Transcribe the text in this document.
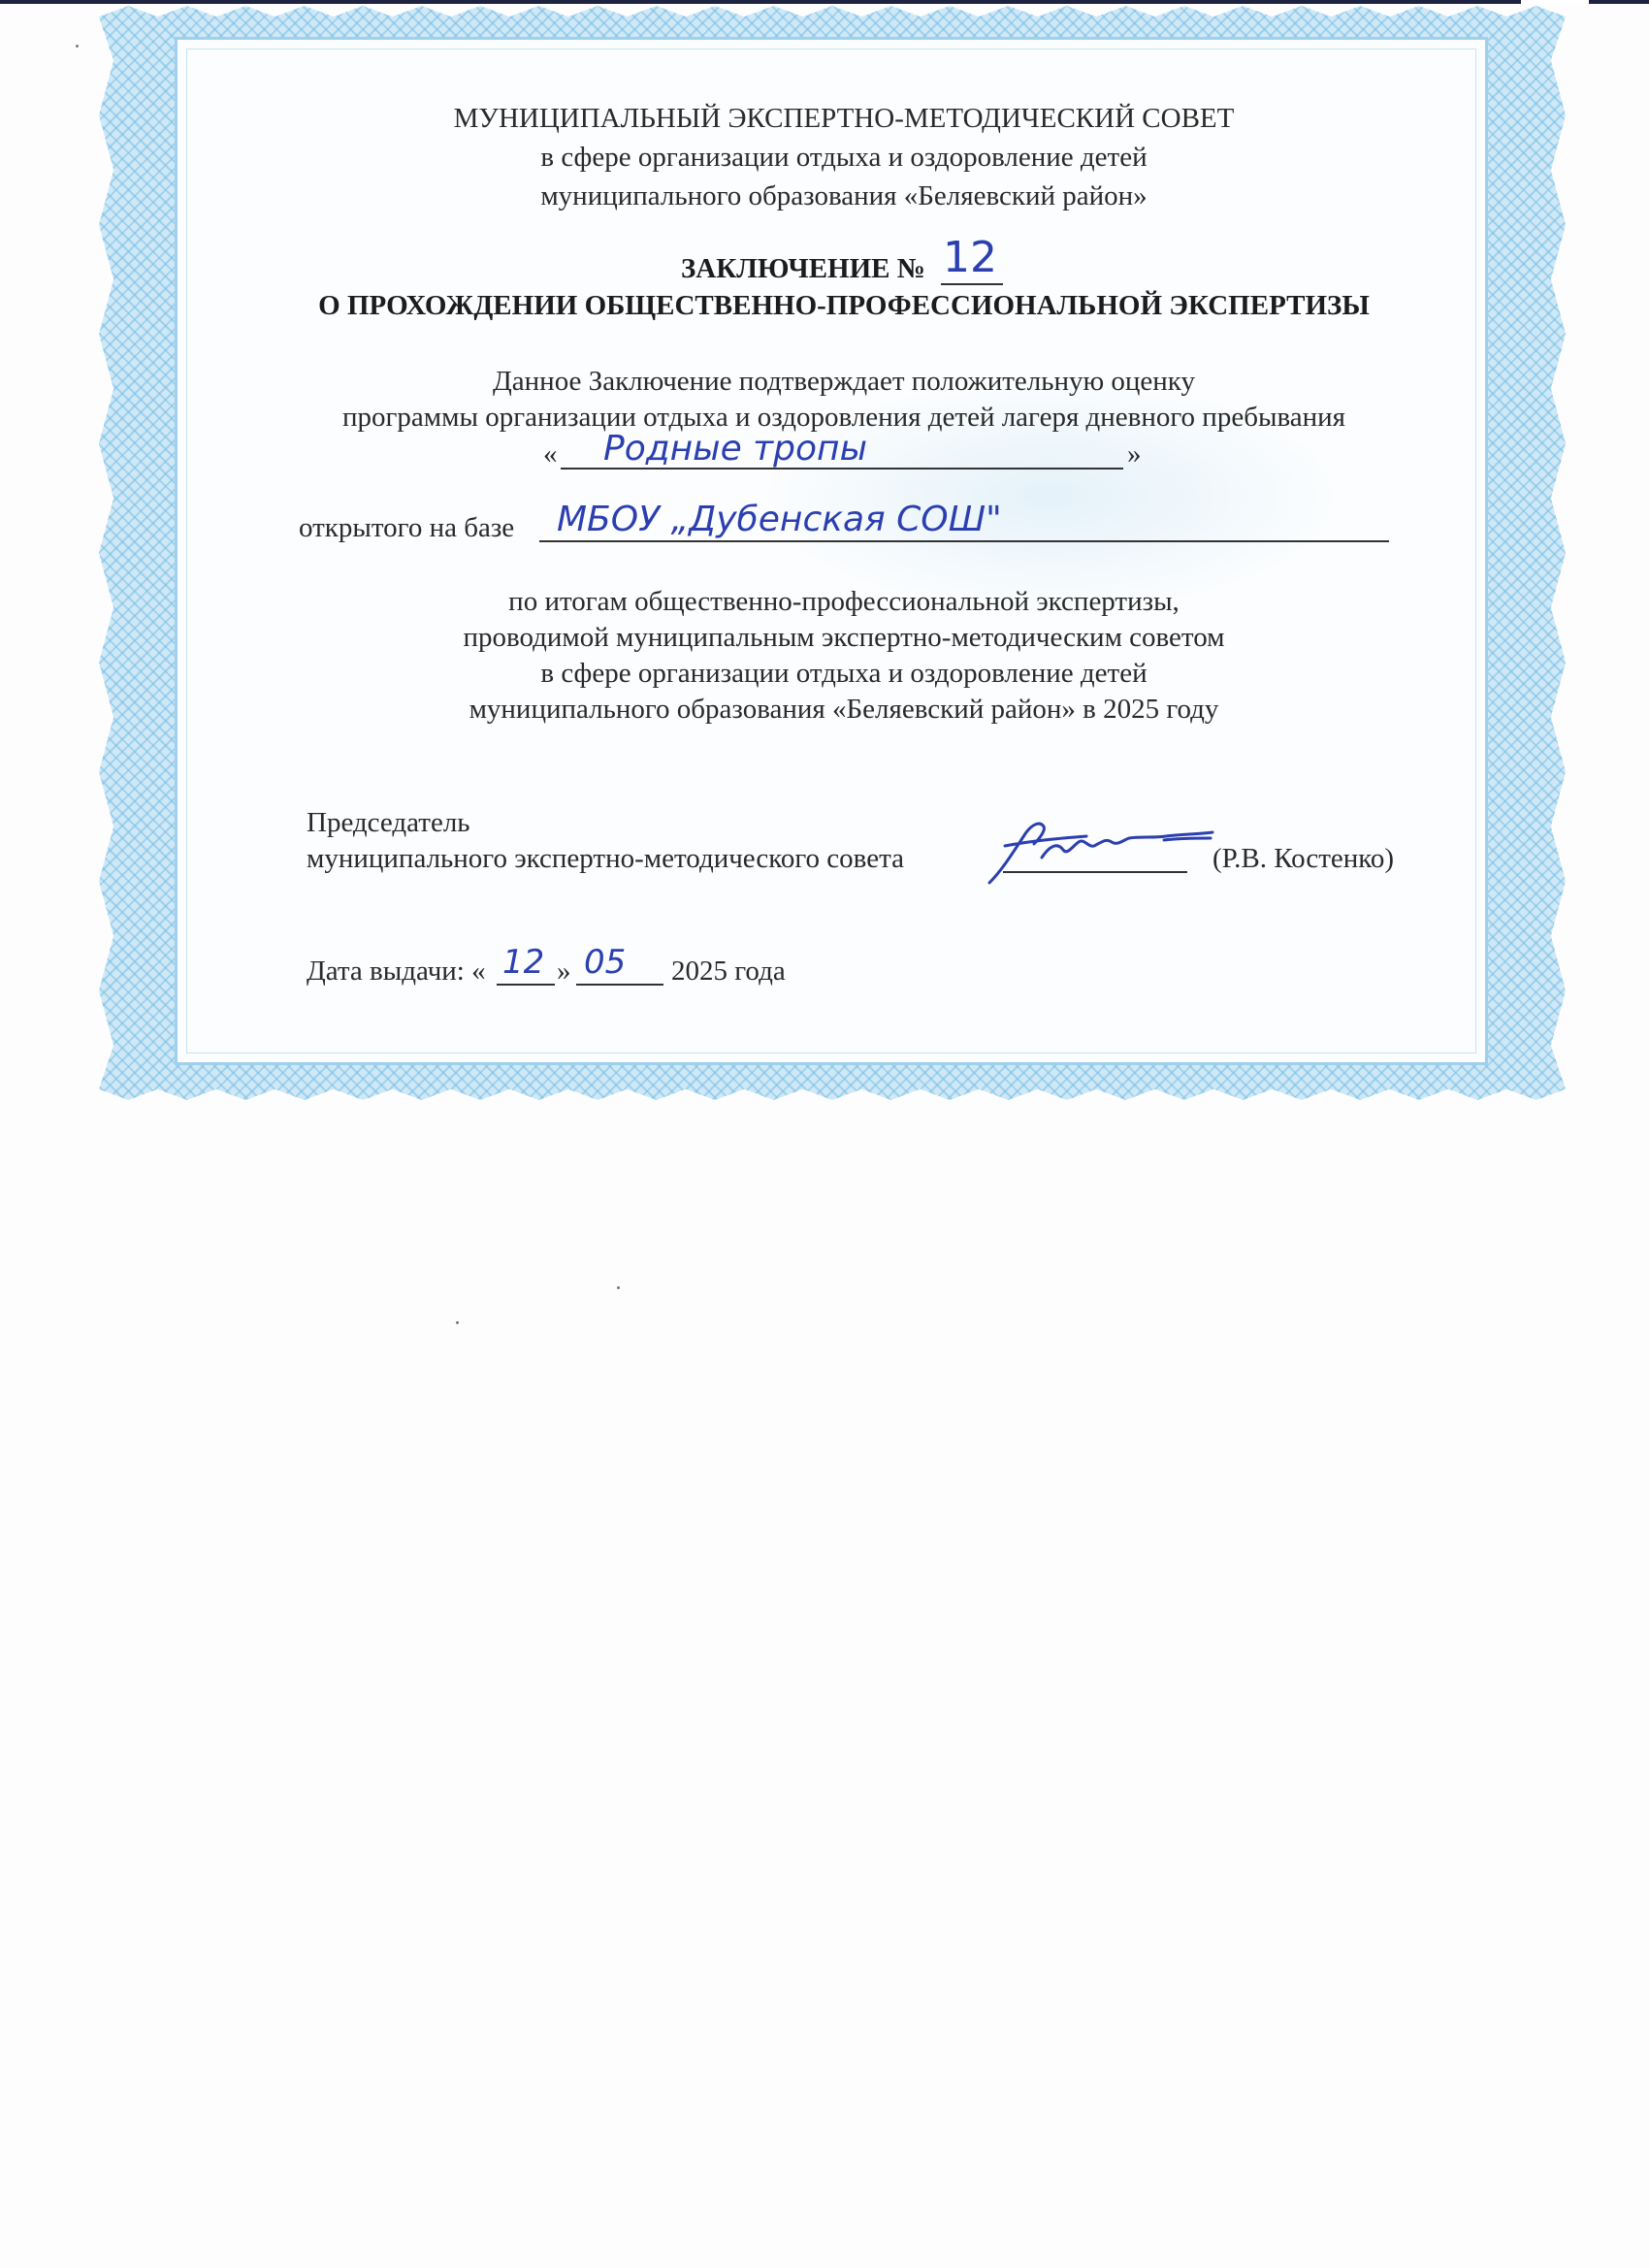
МУНИЦИПАЛЬНЫЙ ЭКСПЕРТНО-МЕТОДИЧЕСКИЙ СОВЕТ
в сфере организации отдыха и оздоровление детей
муниципального образования «Беляевский район»
ЗАКЛЮЧЕНИЕ № 12
О ПРОХОЖДЕНИИ ОБЩЕСТВЕННО-ПРОФЕССИОНАЛЬНОЙ ЭКСПЕРТИЗЫ
Данное Заключение подтверждает положительную оценку
программы организации отдыха и оздоровления детей лагеря дневного пребывания
« Родные тропы	»
открытого на базе МБОУ „Дубенская СОШ"
по итогам общественно-профессиональной экспертизы,
проводимой муниципальным экспертно-методическим советом
в сфере организации отдыха и оздоровление детей
муниципального образования «Беляевский район» в 2025 году
Председатель
муниципального экспертно-методического совета	(Р.В. Костенко)
Дата выдачи: « 12 » 05 2025 года
